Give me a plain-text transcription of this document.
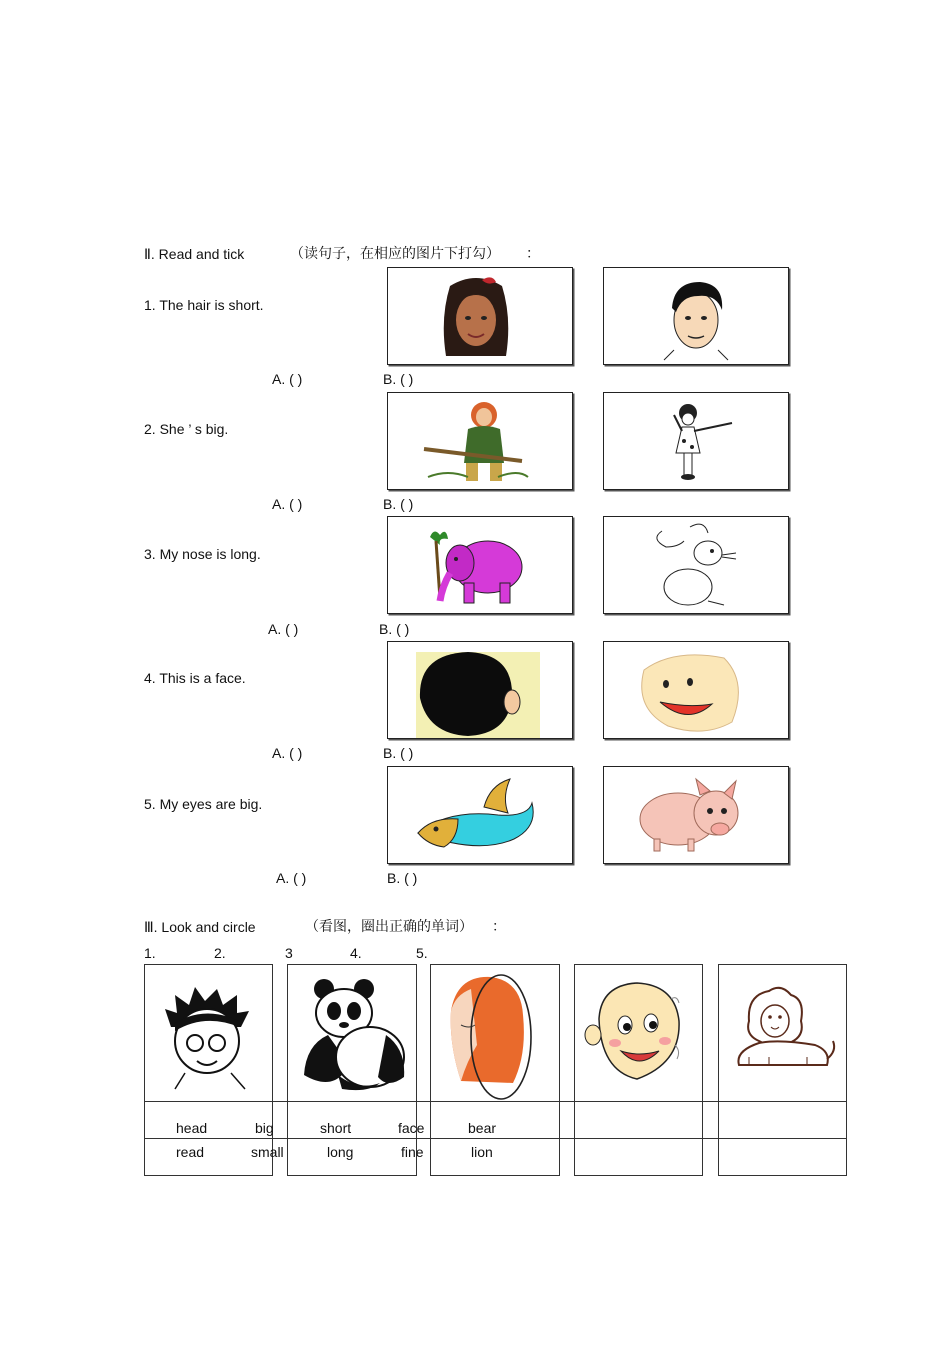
Ⅱ. Read and tick	（读句子，在相应的图片下打勾） ：
1. The hair is short.
A. ( )	B. ( )
2. She ’ s big.
A. ( )	B. ( )
3. My nose is long.
A. ( )	B. ( )
4. This is a face.
A. ( )	B. ( )
5. My eyes are big.
A. ( )	B. ( )
Ⅲ. Look and circle	（看图，圈出正确的单词） ：
1.	2.	3	4.	5.
head	big	short	face	bear
read	small	long	fine	lion
